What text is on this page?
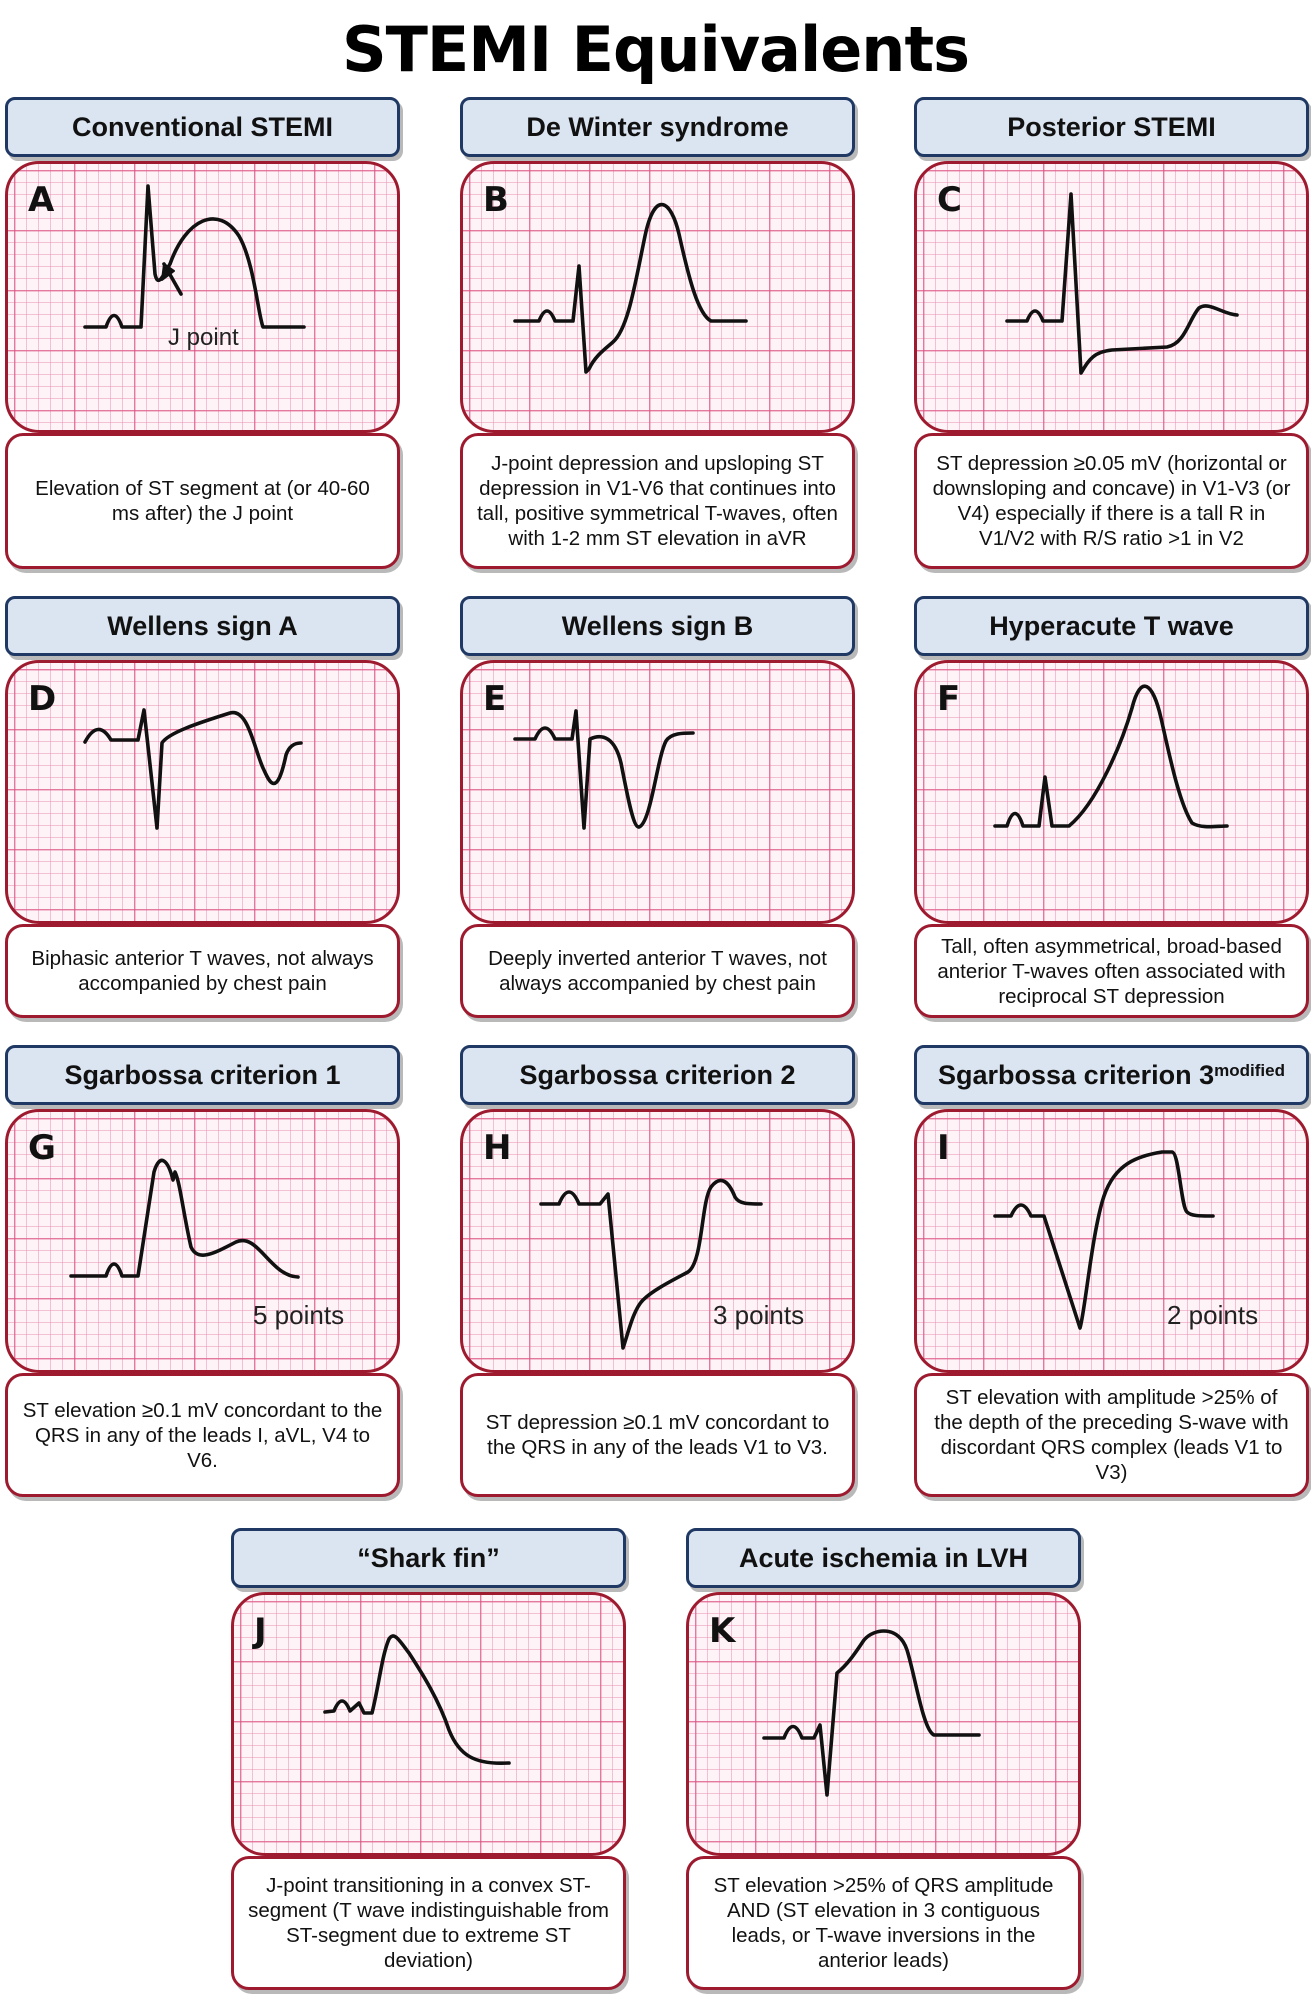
STEMI Equivalents
Conventional STEMI
A
J point
Elevation of ST segment at (or 40-60 ms after) the J point
De Winter syndrome
B
J-point depression and upsloping ST depression in V1-V6 that continues into tall, positive symmetrical T-waves, often with 1-2 mm ST elevation in aVR
Posterior STEMI
C
ST depression ≥0.05 mV (horizontal or downsloping and concave) in V1-V3 (or V4) especially if there is a tall R in V1/V2 with R/S ratio >1 in V2
Wellens sign A
D
Biphasic anterior T waves, not always accompanied by chest pain
Wellens sign B
E
Deeply inverted anterior T waves, not always accompanied by chest pain
Hyperacute T wave
F
Tall, often asymmetrical, broad-based anterior T-waves often associated with reciprocal ST depression
Sgarbossa criterion 1
G
5 points
ST elevation ≥0.1 mV concordant to the QRS in any of the leads I, aVL, V4 to V6.
Sgarbossa criterion 2
H
3 points
ST depression ≥0.1 mV concordant to the QRS in any of the leads V1 to V3.
Sgarbossa criterion $3^{modified}$
I
2 points
ST elevation with amplitude >25% of the depth of the preceding S-wave with discordant QRS complex (leads V1 to V3)
“Shark fin”
J
J-point transitioning in a convex ST-segment (T wave indistinguishable from ST-segment due to extreme ST deviation)
Acute ischemia in LVH
K
ST elevation >25% of QRS amplitude AND (ST elevation in 3 contiguous leads, or T-wave inversions in the anterior leads)
